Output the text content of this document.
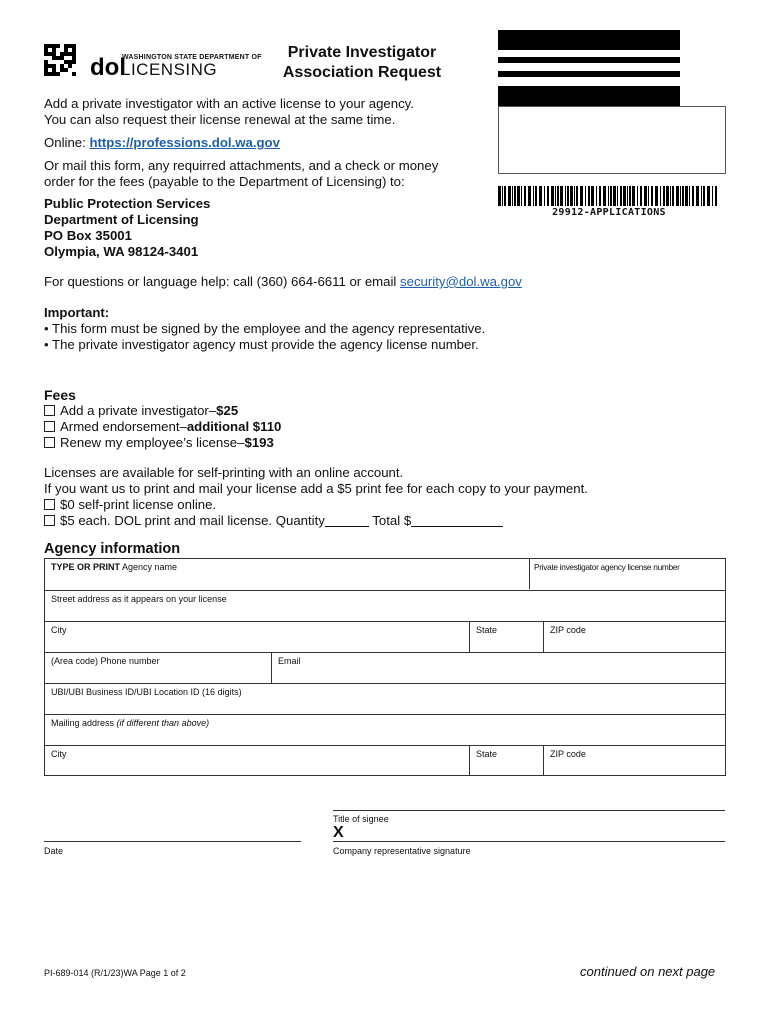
dol
WASHINGTON STATE DEPARTMENT OF
LICENSING
Private Investigator
Association Request
29912-APPLICATIONS
Add a private investigator with an active license to your agency.
You can also request their license renewal at the same time.
Online: https://professions.dol.wa.gov
Or mail this form, any requirred attachments, and a check or money
order for the fees (payable to the Department of Licensing) to:
Public Protection Services
Department of Licensing
PO Box 35001
Olympia, WA 98124-3401
For questions or language help: call (360) 664-6611 or email security@dol.wa.gov
Important:
• This form must be signed by the employee and the agency representative.
• The private investigator agency must provide the agency license number.
Fees
Add a private investigator–$25
Armed endorsement–additional $110
Renew my employee’s license–$193
Licenses are available for self-printing with an online account.
If you want us to print and mail your license add a $5 print fee for each copy to your payment.
$0 self-print license online.
$5 each. DOL print and mail license. Quantity	Total $
Agency information
TYPE OR PRINT Agency name	Private investigator agency license number
Street address as it appears on your license
City	State	ZIP code
(Area code) Phone number	Email
UBI/UBI Business ID/UBI Location ID (16 digits)
Mailing address (if different than above)
City	State	ZIP code
Title of signee
X
Date	Company representative signature
PI-689-014 (R/1/23)WA Page 1 of 2	continued on next page
